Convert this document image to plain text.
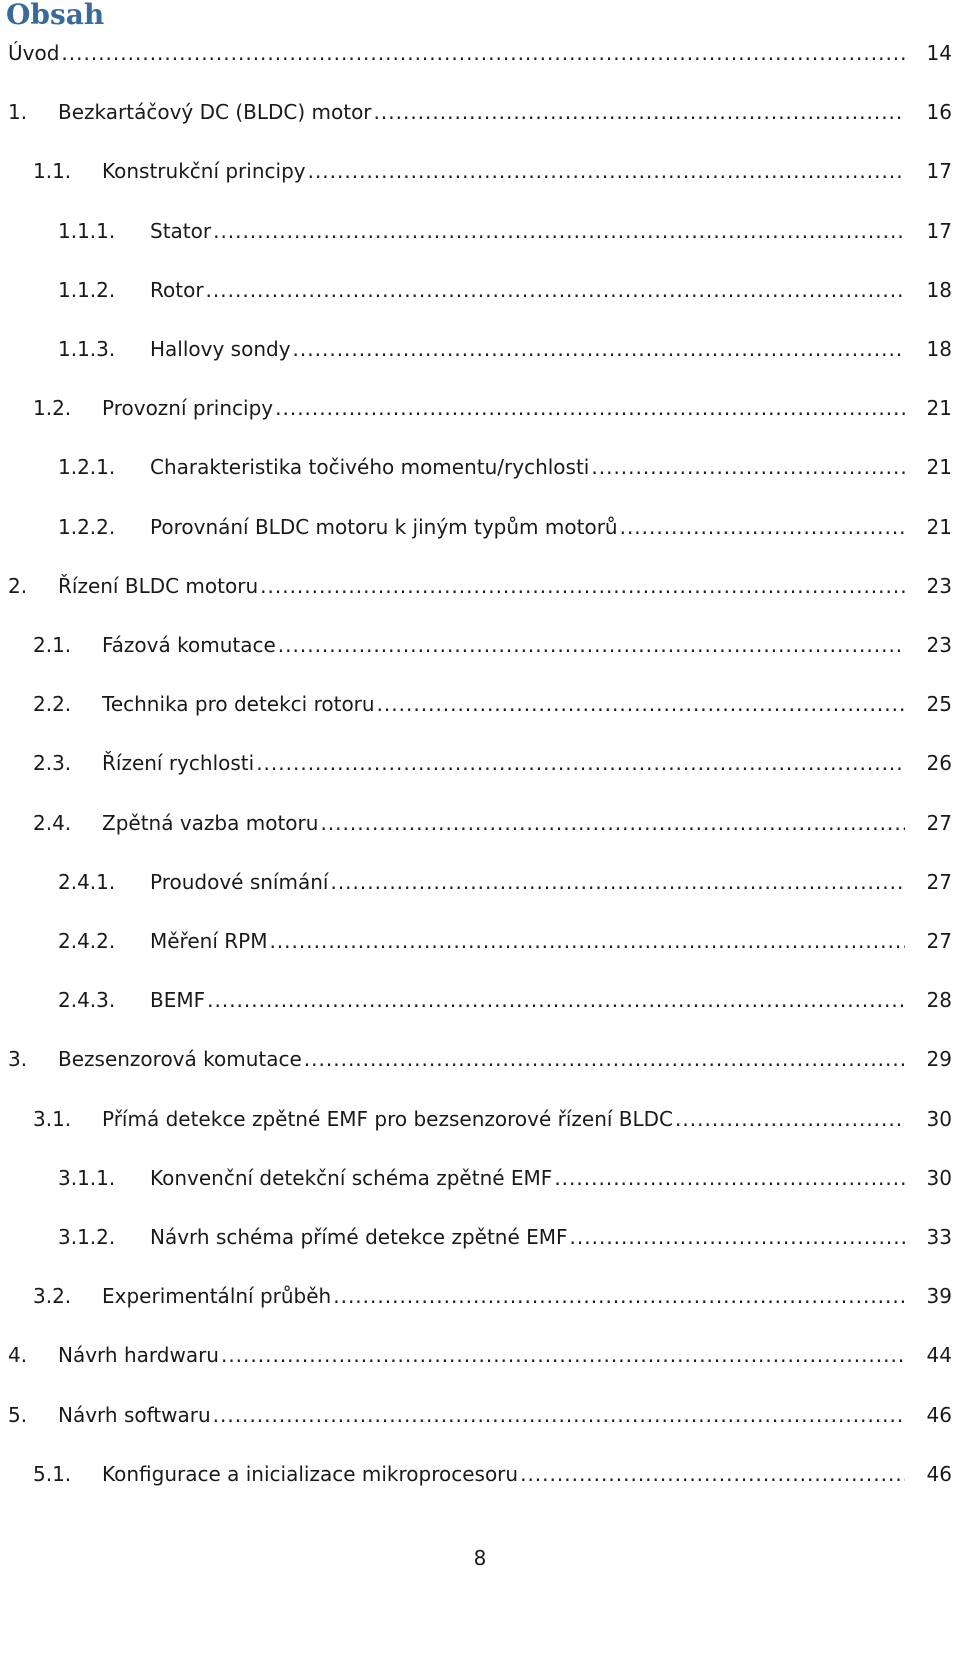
Obsah
Úvod .....	14
1. Bezkartáčový DC (BLDC) motor .....	16
1.1. Konstrukční principy .....	17
1.1.1. Stator .....	17
1.1.2. Rotor .....	18
1.1.3. Hallovy sondy .....	18
1.2. Provozní principy .....	21
1.2.1. Charakteristika točivého momentu/rychlosti .....	21
1.2.2. Porovnání BLDC motoru k jiným typům motorů .....	21
2. Řízení BLDC motoru .....	23
2.1. Fázová komutace .....	23
2.2. Technika pro detekci rotoru .....	25
2.3. Řízení rychlosti .....	26
2.4. Zpětná vazba motoru .....	27
2.4.1. Proudové snímání .....	27
2.4.2. Měření RPM .....	27
2.4.3. BEMF .....	28
3. Bezsenzorová komutace .....	29
3.1. Přímá detekce zpětné EMF pro bezsenzorové řízení BLDC .....	30
3.1.1. Konvenční detekční schéma zpětné EMF .....	30
3.1.2. Návrh schéma přímé detekce zpětné EMF .....	33
3.2. Experimentální průběh .....	39
4. Návrh hardwaru .....	44
5. Návrh softwaru .....	46
5.1. Konfigurace a inicializace mikroprocesoru .....	46
8
